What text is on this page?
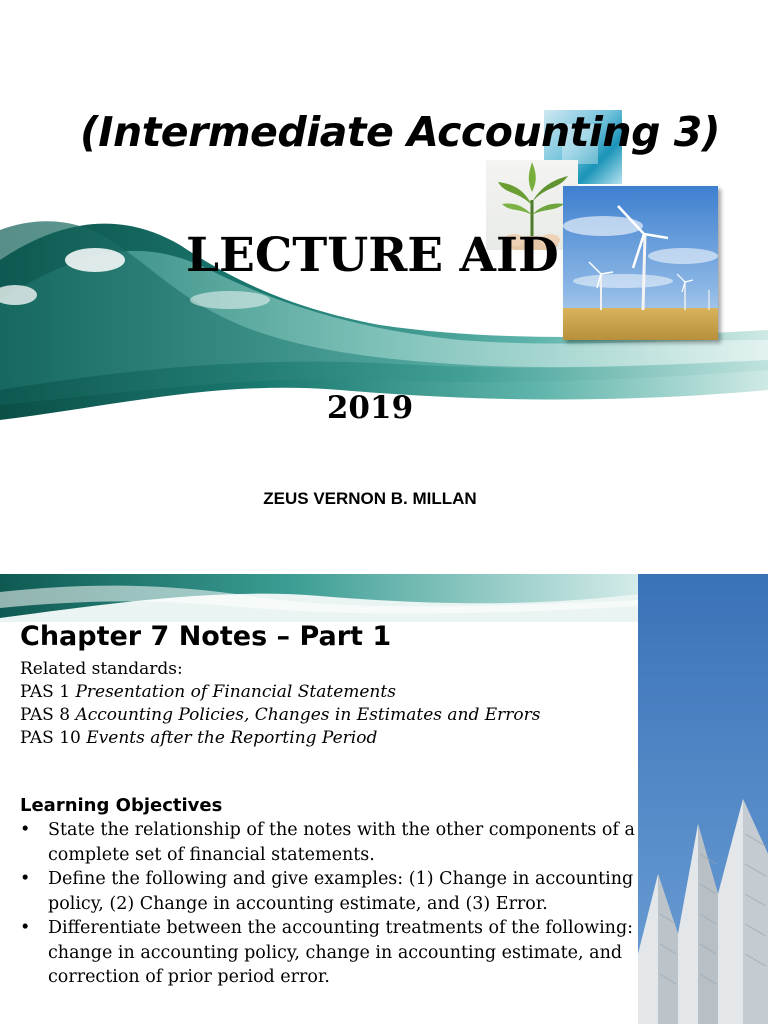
(Intermediate Accounting 3)
LECTURE AID
2019
ZEUS VERNON B. MILLAN
Chapter 7 Notes – Part 1
Related standards:
PAS 1 Presentation of Financial Statements
PAS 8 Accounting Policies, Changes in Estimates and Errors
PAS 10 Events after the Reporting Period
Learning Objectives
• State the relationship of the notes with the other components of a complete set of financial statements.
• Define the following and give examples: (1) Change in accounting policy, (2) Change in accounting estimate, and (3) Error.
• Differentiate between the accounting treatments of the following: change in accounting policy, change in accounting estimate, and correction of prior period error.
